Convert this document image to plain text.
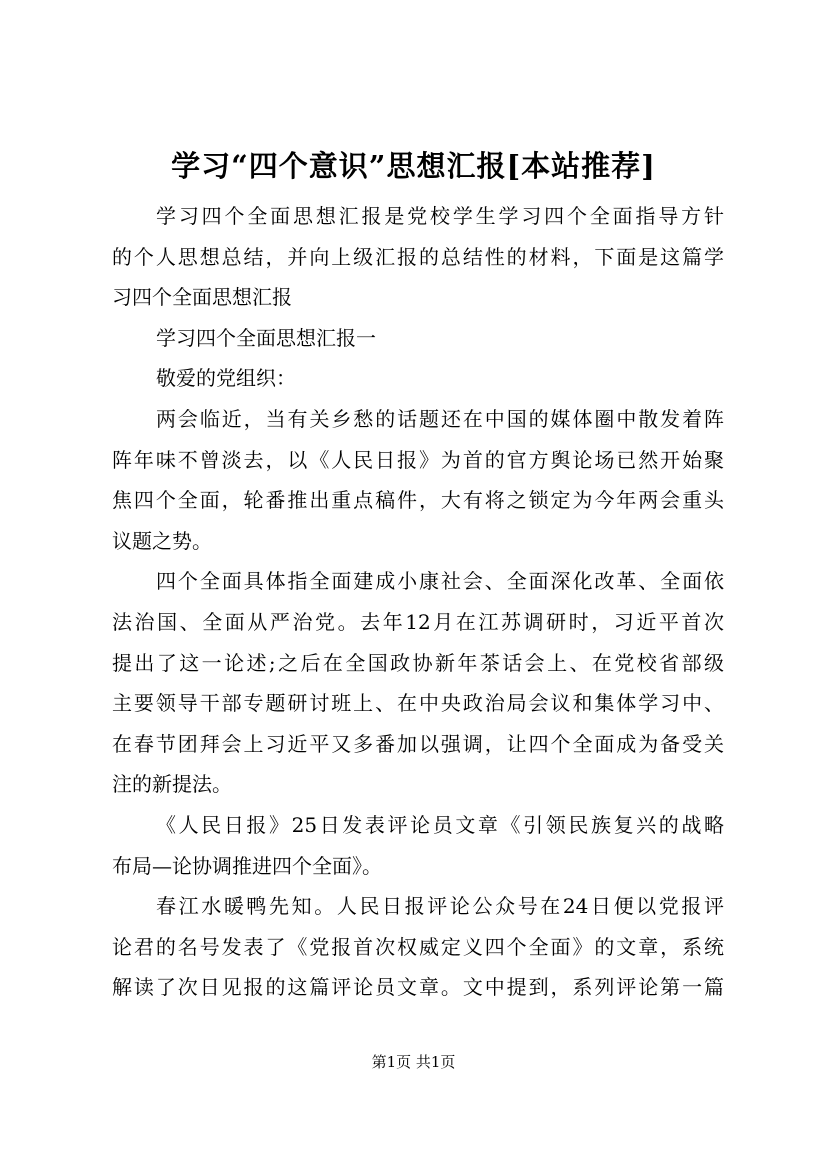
学习“四个意识”思想汇报[本站推荐]
学习四个全面思想汇报是党校学生学习四个全面指导方针
的个人思想总结，并向上级汇报的总结性的材料，下面是这篇学
习四个全面思想汇报
学习四个全面思想汇报一
敬爱的党组织：
两会临近，当有关乡愁的话题还在中国的媒体圈中散发着阵
阵年味不曾淡去，以《人民日报》为首的官方舆论场已然开始聚
焦四个全面，轮番推出重点稿件，大有将之锁定为今年两会重头
议题之势。
四个全面具体指全面建成小康社会、全面深化改革、全面依
法治国、全面从严治党。去年12月在江苏调研时，习近平首次
提出了这一论述;之后在全国政协新年茶话会上、在党校省部级
主要领导干部专题研讨班上、在中央政治局会议和集体学习中、
在春节团拜会上习近平又多番加以强调，让四个全面成为备受关
注的新提法。
《人民日报》25日发表评论员文章《引领民族复兴的战略
布局—论协调推进四个全面》。
春江水暖鸭先知。人民日报评论公众号在24日便以党报评
论君的名号发表了《党报首次权威定义四个全面》的文章，系统
解读了次日见报的这篇评论员文章。文中提到，系列评论第一篇
第1页 共1页
